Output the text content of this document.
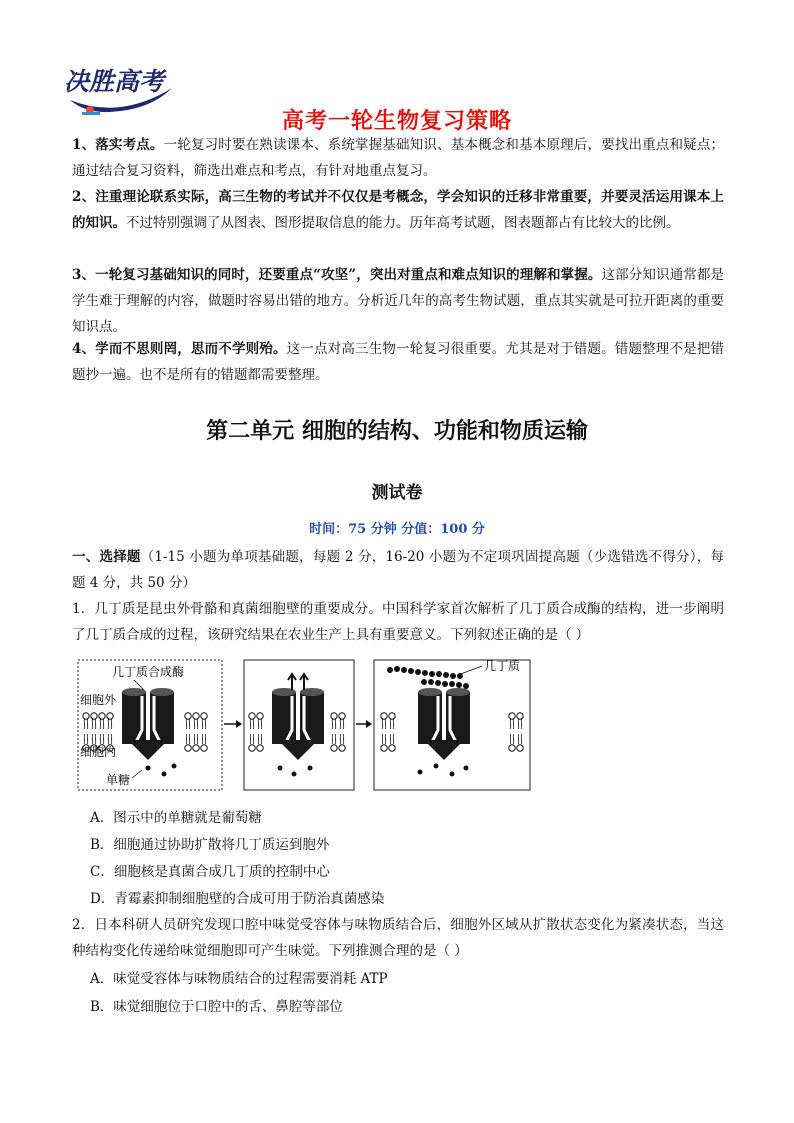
决胜高考
高考一轮生物复习策略

1、落实考点。一轮复习时要在熟读课本、系统掌握基础知识、基本概念和基本原理后，要找出重点和疑点；通过结合复习资料，筛选出难点和考点，有针对地重点复习。

2、注重理论联系实际，高三生物的考试并不仅仅是考概念，学会知识的迁移非常重要，并要灵活运用课本上的知识。不过特别强调了从图表、图形提取信息的能力。历年高考试题，图表题都占有比较大的比例。

3、一轮复习基础知识的同时，还要重点“攻坚”，突出对重点和难点知识的理解和掌握。这部分知识通常都是学生难于理解的内容，做题时容易出错的地方。分析近几年的高考生物试题，重点其实就是可拉开距离的重要知识点。

4、学而不思则罔，思而不学则殆。这一点对高三生物一轮复习很重要。尤其是对于错题。错题整理不是把错题抄一遍。也不是所有的错题都需要整理。

第二单元 细胞的结构、功能和物质运输
测试卷
时间：75 分钟 分值：100 分

一、选择题（1-15 小题为单项基础题，每题 2 分，16-20 小题为不定项巩固提高题（少选错选不得分），每题 4 分，共 50 分）

1．几丁质是昆虫外骨骼和真菌细胞壁的重要成分。中国科学家首次解析了几丁质合成酶的结构，进一步阐明了几丁质合成的过程，该研究结果在农业生产上具有重要意义。下列叙述正确的是（ ）

几丁质合成酶
细胞外
细胞内
单糖
几丁质
A．图示中的单糖就是葡萄糖
B．细胞通过协助扩散将几丁质运到胞外
C．细胞核是真菌合成几丁质的控制中心
D．青霉素抑制细胞壁的合成可用于防治真菌感染

2．日本科研人员研究发现口腔中味觉受容体与味物质结合后，细胞外区域从扩散状态变化为紧凑状态，当这种结构变化传递给味觉细胞即可产生味觉。下列推测合理的是（ ）

A．味觉受容体与味物质结合的过程需要消耗 ATP
B．味觉细胞位于口腔中的舌、鼻腔等部位
